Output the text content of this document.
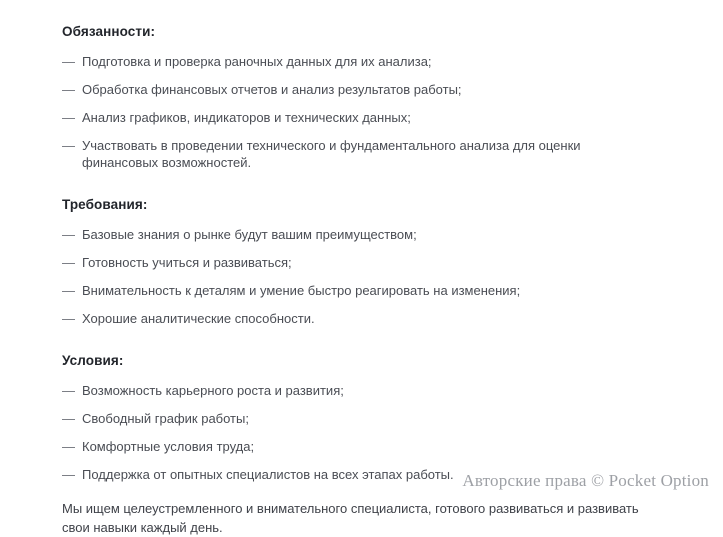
Обязанности:
— Подготовка и проверка раночных данных для их анализа;
— Обработка финансовых отчетов и анализ результатов работы;
— Анализ графиков, индикаторов и технических данных;
— Участвовать в проведении технического и фундаментального анализа для оценки финансовых возможностей.
Требования:
— Базовые знания о рынке будут вашим преимуществом;
— Готовность учиться и развиваться;
— Внимательность к деталям и умение быстро реагировать на изменения;
— Хорошие аналитические способности.
Условия:
— Возможность карьерного роста и развития;
— Свободный график работы;
— Комфортные условия труда;
— Поддержка от опытных специалистов на всех этапах работы.

Мы ищем целеустремленного и внимательного специалиста, готового развиваться и развивать свои навыки каждый день.

Авторские права © Pocket Option
